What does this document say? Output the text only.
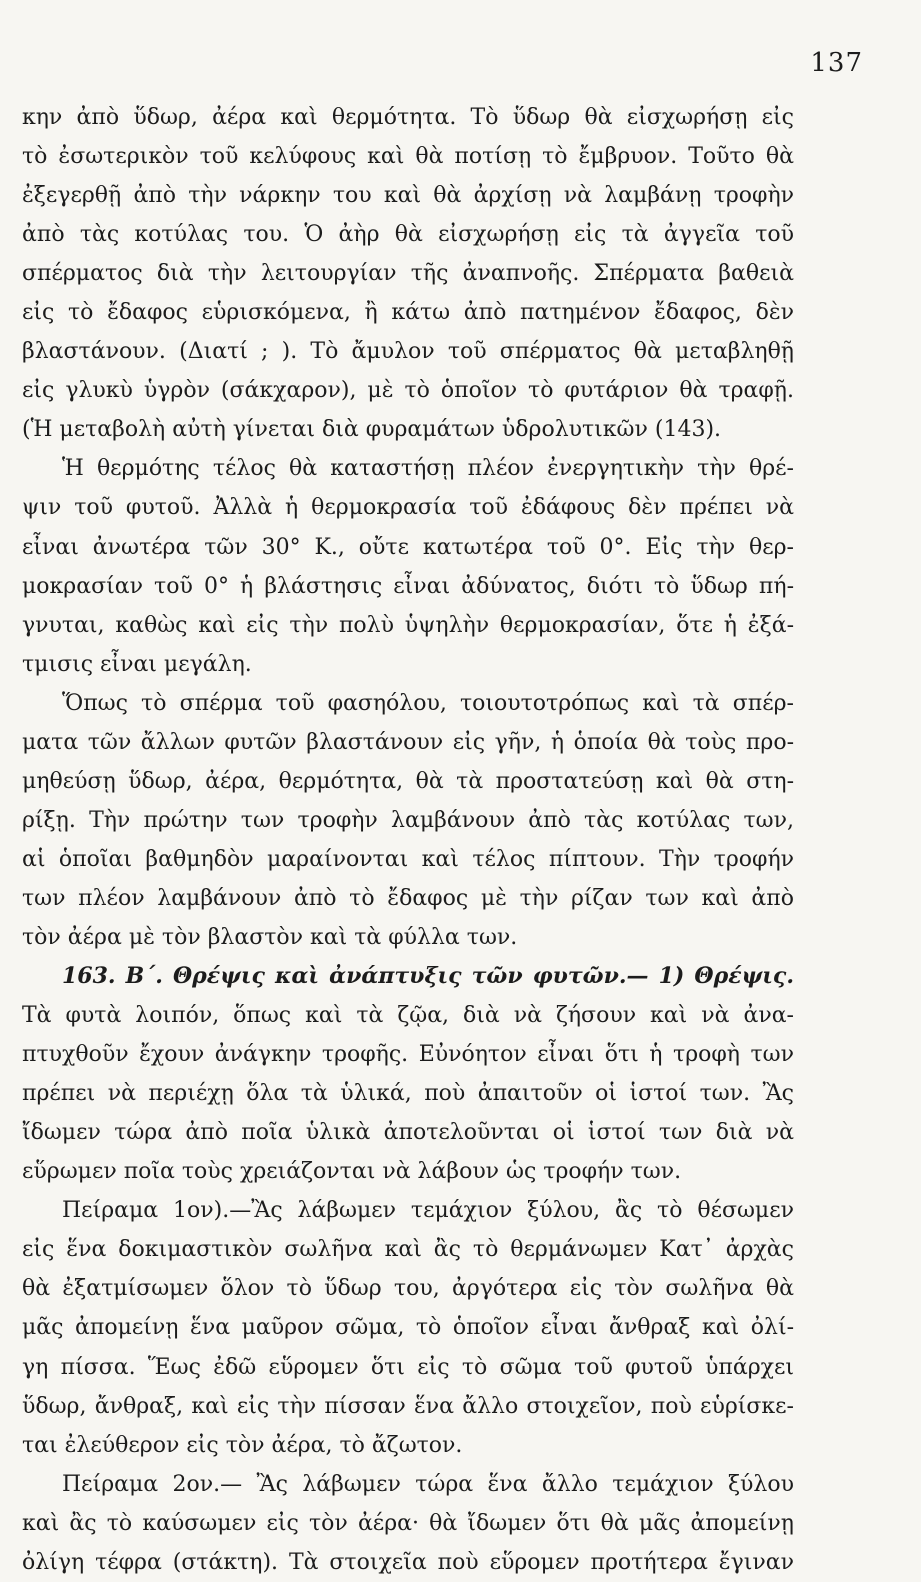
137
κην ἀπὸ ὕδωρ, ἀέρα καὶ θερμότητα. Τὸ ὕδωρ θὰ εἰσχωρήσῃ εἰς
τὸ ἐσωτερικὸν τοῦ κελύφους καὶ θὰ ποτίσῃ τὸ ἔμβρυον. Τοῦτο θὰ
ἐξεγερθῇ ἀπὸ τὴν νάρκην του καὶ θὰ ἀρχίσῃ νὰ λαμβάνῃ τροφὴν
ἀπὸ τὰς κοτύλας του. Ὁ ἀὴρ θὰ εἰσχωρήσῃ εἰς τὰ ἀγγεῖα τοῦ
σπέρματος διὰ τὴν λειτουργίαν τῆς ἀναπνοῆς. Σπέρματα βαθειὰ
εἰς τὸ ἔδαφος εὑρισκόμενα, ἢ κάτω ἀπὸ πατημένον ἔδαφος, δὲν
βλαστάνουν. (Διατί ; ). Τὸ ἄμυλον τοῦ σπέρματος θὰ μεταβληθῇ
εἰς γλυκὺ ὑγρὸν (σάκχαρον), μὲ τὸ ὁποῖον τὸ φυτάριον θὰ τραφῇ.
(Ἡ μεταβολὴ αὐτὴ γίνεται διὰ φυραμάτων ὑδρολυτικῶν (143).
Ἡ θερμότης τέλος θὰ καταστήσῃ πλέον ἐνεργητικὴν τὴν θρέ-
ψιν τοῦ φυτοῦ. Ἀλλὰ ἡ θερμοκρασία τοῦ ἐδάφους δὲν πρέπει νὰ
εἶναι ἀνωτέρα τῶν 30° Κ., οὔτε κατωτέρα τοῦ 0°. Εἰς τὴν θερ-
μοκρασίαν τοῦ 0° ἡ βλάστησις εἶναι ἀδύνατος, διότι τὸ ὕδωρ πή-
γνυται, καθὼς καὶ εἰς τὴν πολὺ ὑψηλὴν θερμοκρασίαν, ὅτε ἡ ἐξά-
τμισις εἶναι μεγάλη.
Ὅπως τὸ σπέρμα τοῦ φασηόλου, τοιουτοτρόπως καὶ τὰ σπέρ-
ματα τῶν ἄλλων φυτῶν βλαστάνουν εἰς γῆν, ἡ ὁποία θὰ τοὺς προ-
μηθεύσῃ ὕδωρ, ἀέρα, θερμότητα, θὰ τὰ προστατεύσῃ καὶ θὰ στη-
ρίξῃ. Τὴν πρώτην των τροφὴν λαμβάνουν ἀπὸ τὰς κοτύλας των,
αἱ ὁποῖαι βαθμηδὸν μαραίνονται καὶ τέλος πίπτουν. Τὴν τροφήν
των πλέον λαμβάνουν ἀπὸ τὸ ἔδαφος μὲ τὴν ρίζαν των καὶ ἀπὸ
τὸν ἀέρα μὲ τὸν βλαστὸν καὶ τὰ φύλλα των.
163. Β΄. Θρέψις καὶ ἀνάπτυξις τῶν φυτῶν.— 1) Θρέψις.
Τὰ φυτὰ λοιπόν, ὅπως καὶ τὰ ζῷα, διὰ νὰ ζήσουν καὶ νὰ ἀνα-
πτυχθοῦν ἔχουν ἀνάγκην τροφῆς. Εὐνόητον εἶναι ὅτι ἡ τροφὴ των
πρέπει νὰ περιέχῃ ὅλα τὰ ὑλικά, ποὺ ἀπαιτοῦν οἱ ἱστοί των. Ἂς
ἴδωμεν τώρα ἀπὸ ποῖα ὑλικὰ ἀποτελοῦνται οἱ ἱστοί των διὰ νὰ
εὕρωμεν ποῖα τοὺς χρειάζονται νὰ λάβουν ὡς τροφήν των.
Πείραμα 1ον).—Ἂς λάβωμεν τεμάχιον ξύλου, ἂς τὸ θέσωμεν
εἰς ἕνα δοκιμαστικὸν σωλῆνα καὶ ἂς τὸ θερμάνωμεν Κατ᾿ ἀρχὰς
θὰ ἐξατμίσωμεν ὅλον τὸ ὕδωρ του, ἀργότερα εἰς τὸν σωλῆνα θὰ
μᾶς ἀπομείνῃ ἕνα μαῦρον σῶμα, τὸ ὁποῖον εἶναι ἄνθραξ καὶ ὀλί-
γη πίσσα. Ἕως ἐδῶ εὕρομεν ὅτι εἰς τὸ σῶμα τοῦ φυτοῦ ὑπάρχει
ὕδωρ, ἄνθραξ, καὶ εἰς τὴν πίσσαν ἕνα ἄλλο στοιχεῖον, ποὺ εὑρίσκε-
ται ἐλεύθερον εἰς τὸν ἀέρα, τὸ ἄζωτον.
Πείραμα 2ον.— Ἂς λάβωμεν τώρα ἕνα ἄλλο τεμάχιον ξύλου
καὶ ἂς τὸ καύσωμεν εἰς τὸν ἀέρα· θὰ ἴδωμεν ὅτι θὰ μᾶς ἀπομείνῃ
ὀλίγη τέφρα (στάκτη). Τὰ στοιχεῖα ποὺ εὕρομεν προτήτερα ἔγιναν
